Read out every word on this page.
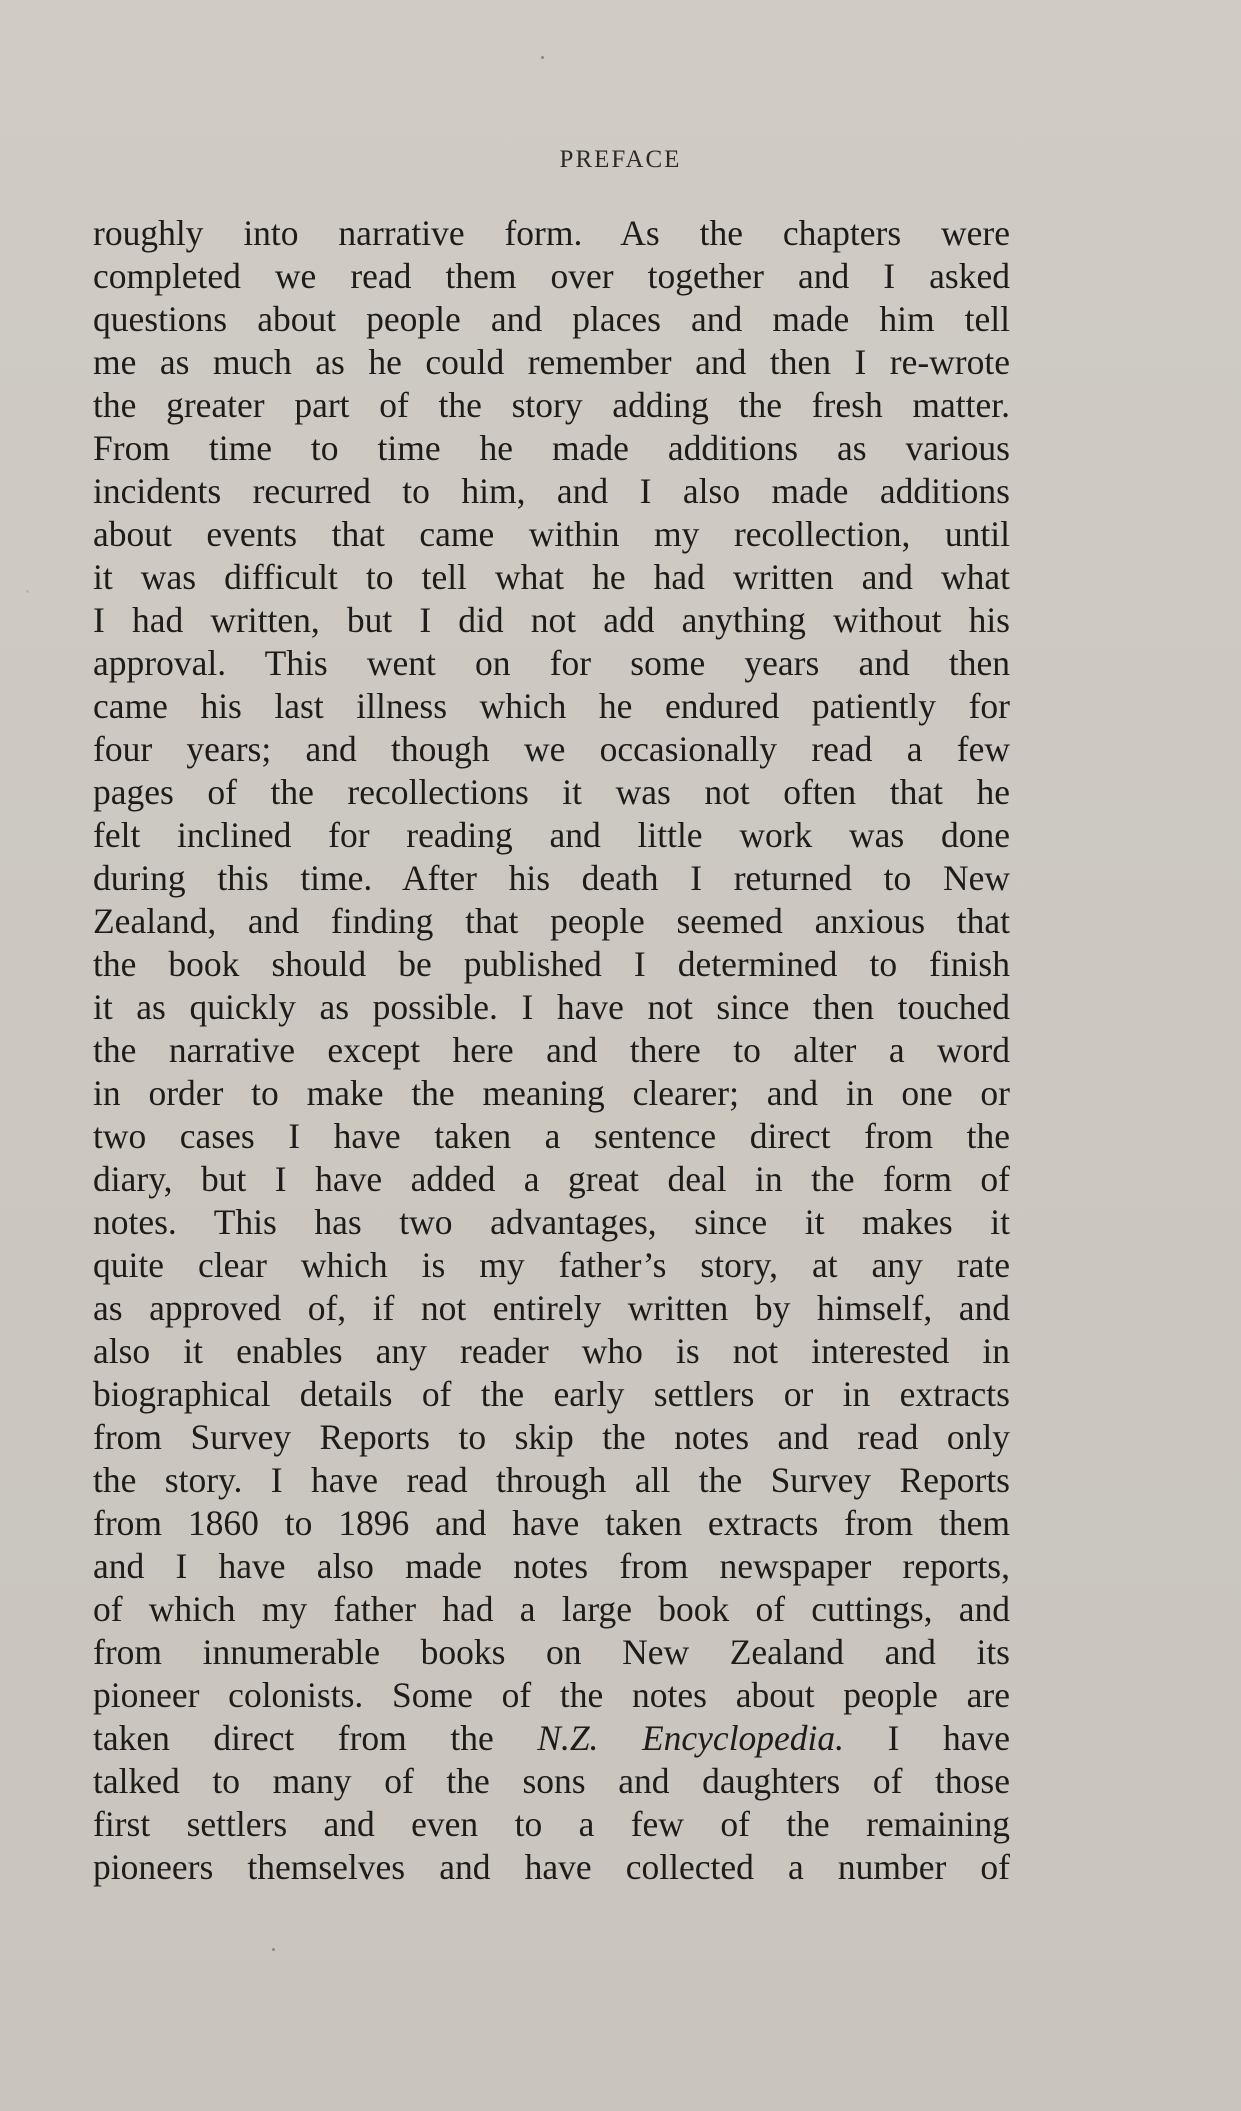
PREFACE
roughly into narrative form. As the chapters were
completed we read them over together and I asked
questions about people and places and made him tell
me as much as he could remember and then I re-wrote
the greater part of the story adding the fresh matter.
From time to time he made additions as various
incidents recurred to him, and I also made additions
about events that came within my recollection, until
it was difficult to tell what he had written and what
I had written, but I did not add anything without his
approval. This went on for some years and then
came his last illness which he endured patiently for
four years; and though we occasionally read a few
pages of the recollections it was not often that he
felt inclined for reading and little work was done
during this time. After his death I returned to New
Zealand, and finding that people seemed anxious that
the book should be published I determined to finish
it as quickly as possible. I have not since then touched
the narrative except here and there to alter a word
in order to make the meaning clearer; and in one or
two cases I have taken a sentence direct from the
diary, but I have added a great deal in the form of
notes. This has two advantages, since it makes it
quite clear which is my father’s story, at any rate
as approved of, if not entirely written by himself, and
also it enables any reader who is not interested in
biographical details of the early settlers or in extracts
from Survey Reports to skip the notes and read only
the story. I have read through all the Survey Reports
from 1860 to 1896 and have taken extracts from them
and I have also made notes from newspaper reports,
of which my father had a large book of cuttings, and
from innumerable books on New Zealand and its
pioneer colonists. Some of the notes about people are
taken direct from the N.Z. Encyclopedia. I have
talked to many of the sons and daughters of those
first settlers and even to a few of the remaining
pioneers themselves and have collected a number of
